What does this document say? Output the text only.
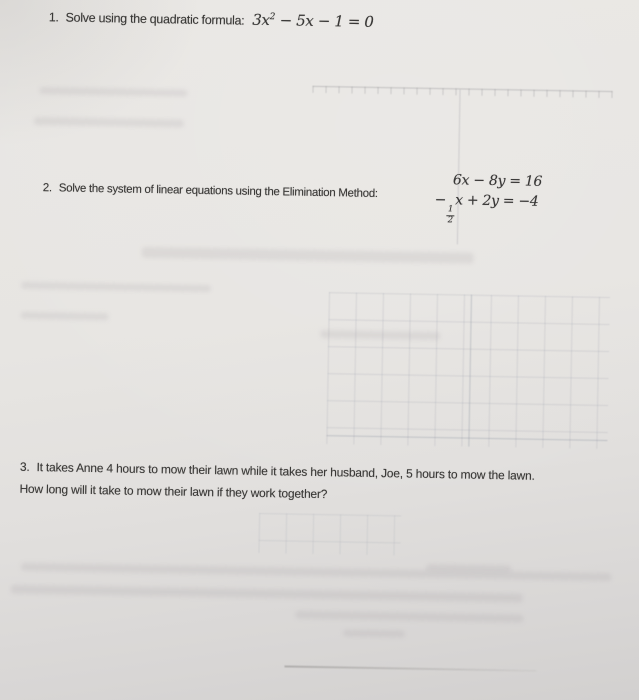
1. Solve using the quadratic formula: $3x^2 - 5x - 1 = 0$
2. Solve the system of linear equations using the Elimination Method:
6x − 8y = 16
−
$\frac{1}{2}$
x + 2y = −4
3. It takes Anne 4 hours to mow their lawn while it takes her husband, Joe, 5 hours to mow the lawn.
How long will it take to mow their lawn if they work together?
